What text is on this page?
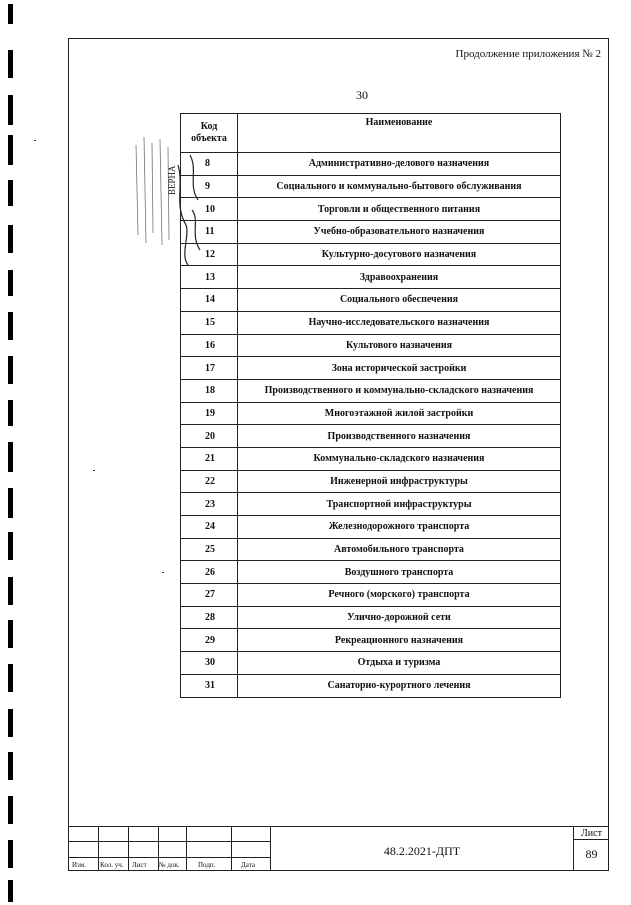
Продолжение приложения № 2
30
Код
объекта	Наименование
8	Административно-делового назначения
9	Социального и коммунально-бытового обслуживания
10	Торговли и общественного питания
11	Учебно-образовательного назначения
12	Культурно-досугового назначения
13	Здравоохранения
14	Социального обеспечения
15	Научно-исследовательского назначения
16	Культового назначения
17	Зона исторической застройки
18	Производственного и коммунально-складского назначения
19	Многоэтажной жилой застройки
20	Производственного назначения
21	Коммунально-складского назначения
22	Инженерной инфраструктуры
23	Транспортной инфраструктуры
24	Железнодорожного транспорта
25	Автомобильного транспорта
26	Воздушного транспорта
27	Речного (морского) транспорта
28	Улично-дорожной сети
29	Рекреационного назначения
30	Отдыха и туризма
31	Санаторно-курортного лечения
ВЕРНА
Изм. Кол. уч. Лист № док.	Подп.	Дата
48.2.2021-ДПТ
Лист
89
